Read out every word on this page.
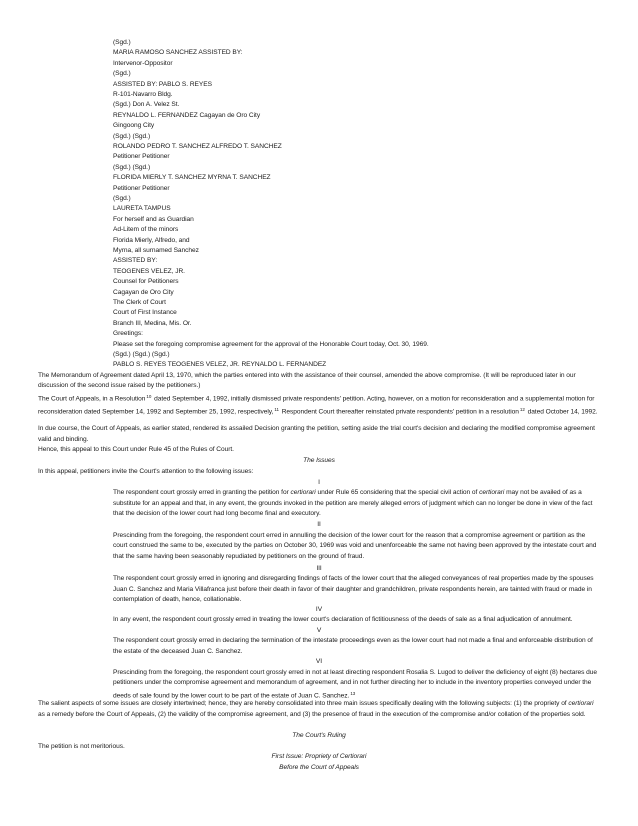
(Sgd.)
MARIA RAMOSO SANCHEZ ASSISTED BY:
Intervenor-Oppositor
(Sgd.)
ASSISTED BY: PABLO S. REYES
R-101-Navarro Bldg.
(Sgd.) Don A. Velez St.
REYNALDO L. FERNANDEZ Cagayan de Oro City
Gingoong City
(Sgd.) (Sgd.)
ROLANDO PEDRO T. SANCHEZ ALFREDO T. SANCHEZ
Petitioner Petitioner
(Sgd.) (Sgd.)
FLORIDA MIERLY T. SANCHEZ MYRNA T. SANCHEZ
Petitioner Petitioner
(Sgd.)
LAURETA TAMPUS
For herself and as Guardian
Ad-Litem of the minors
Florida Mierly, Alfredo, and
Myrna, all surnamed Sanchez
ASSISTED BY:
TEOGENES VELEZ, JR.
Counsel for Petitioners
Cagayan de Oro City
The Clerk of Court
Court of First Instance
Branch III, Medina, Mis. Or.
Greetings:
Please set the foregoing compromise agreement for the approval of the Honorable Court today, Oct. 30, 1969.
(Sgd.) (Sgd.) (Sgd.)
PABLO S. REYES TEOGENES VELEZ, JR. REYNALDO L. FERNANDEZ
The Memorandum of Agreement dated April 13, 1970, which the parties entered into with the assistance of their counsel, amended the above compromise. (It will be reproduced later in our discussion of the second issue raised by the petitioners.)
The Court of Appeals, in a Resolution$^{10}$ dated September 4, 1992, initially dismissed private respondents' petition. Acting, however, on a motion for reconsideration and a supplemental motion for reconsideration dated September 14, 1992 and September 25, 1992, respectively,$^{11}$ Respondent Court thereafter reinstated private respondents' petition in a resolution$^{12}$ dated October 14, 1992.
In due course, the Court of Appeals, as earlier stated, rendered its assailed Decision granting the petition, setting aside the trial court's decision and declaring the modified compromise agreement valid and binding.
Hence, this appeal to this Court under Rule 45 of the Rules of Court.
The Issues
In this appeal, petitioners invite the Court's attention to the following issues:
I
The respondent court grossly erred in granting the petition for certiorari under Rule 65 considering that the special civil action of certiorari may not be availed of as a substitute for an appeal and that, in any event, the grounds invoked in the petition are merely alleged errors of judgment which can no longer be done in view of the fact that the decision of the lower court had long become final and executory.
II
Prescinding from the foregoing, the respondent court erred in annulling the decision of the lower court for the reason that a compromise agreement or partition as the court construed the same to be, executed by the parties on October 30, 1969 was void and unenforceable the same not having been approved by the intestate court and that the same having been seasonably repudiated by petitioners on the ground of fraud.
III
The respondent court grossly erred in ignoring and disregarding findings of facts of the lower court that the alleged conveyances of real properties made by the spouses Juan C. Sanchez and Maria Villafranca just before their death in favor of their daughter and grandchildren, private respondents herein, are tainted with fraud or made in contemplation of death, hence, collationable.
IV
In any event, the respondent court grossly erred in treating the lower court's declaration of fictitiousness of the deeds of sale as a final adjudication of annulment.
V
The respondent court grossly erred in declaring the termination of the intestate proceedings even as the lower court had not made a final and enforceable distribution of the estate of the deceased Juan C. Sanchez.
VI
Prescinding from the foregoing, the respondent court grossly erred in not at least directing respondent Rosalia S. Lugod to deliver the deficiency of eight (8) hectares due petitioners under the compromise agreement and memorandum of agreement, and in not further directing her to include in the inventory properties conveyed under the deeds of sale found by the lower court to be part of the estate of Juan C. Sanchez.$^{13}$
The salient aspects of some issues are closely intertwined; hence, they are hereby consolidated into three main issues specifically dealing with the following subjects: (1) the propriety of certiorari as a remedy before the Court of Appeals, (2) the validity of the compromise agreement, and (3) the presence of fraud in the execution of the compromise and/or collation of the properties sold.
The Court's Ruling
The petition is not meritorious.
First Issue: Propriety of Certiorari
Before the Court of Appeals
